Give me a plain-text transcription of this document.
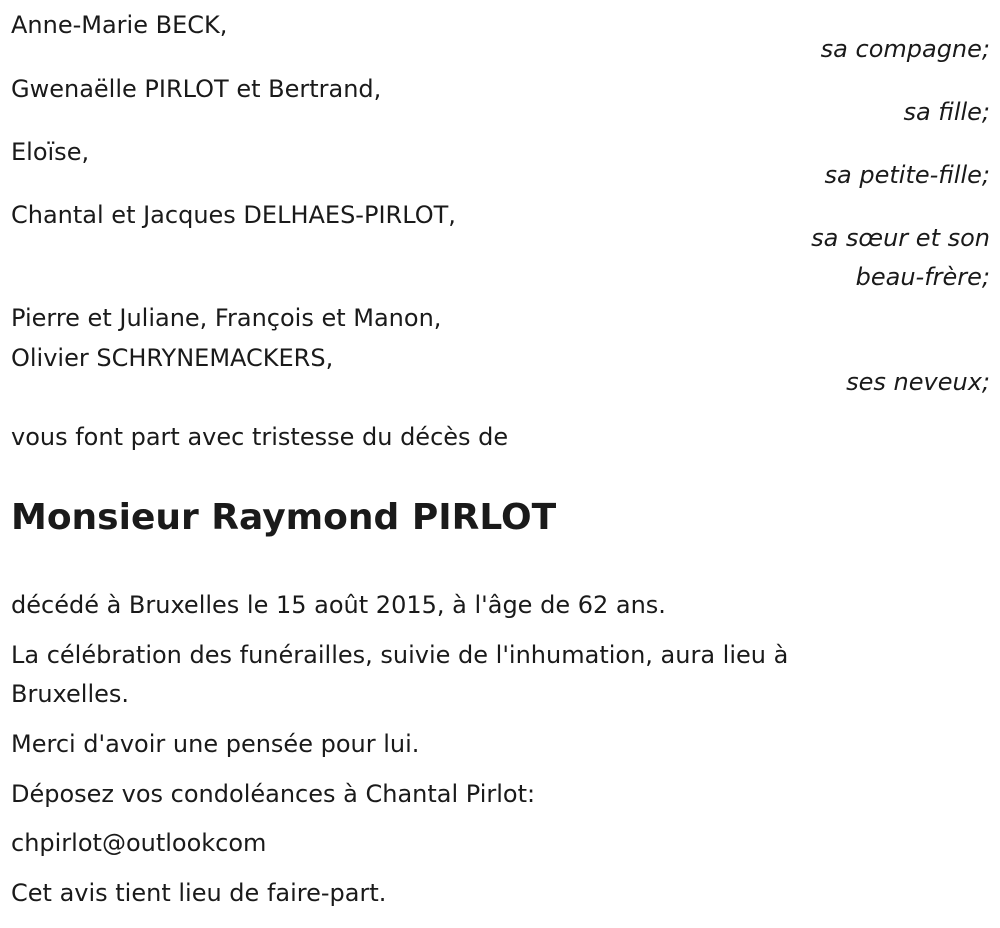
Anne-Marie BECK,
sa compagne;
Gwenaëlle PIRLOT et Bertrand,
sa fille;
Eloïse,
sa petite-fille;
Chantal et Jacques DELHAES-PIRLOT,
sa sœur et son
beau-frère;
Pierre et Juliane, François et Manon,
Olivier SCHRYNEMACKERS,
ses neveux;
vous font part avec tristesse du décès de
Monsieur Raymond PIRLOT
décédé à Bruxelles le 15 août 2015, à l'âge de 62 ans.
La célébration des funérailles, suivie de l'inhumation, aura lieu à
Bruxelles.
Merci d'avoir une pensée pour lui.
Déposez vos condoléances à Chantal Pirlot:
chpirlot@outlookcom
Cet avis tient lieu de faire-part.
